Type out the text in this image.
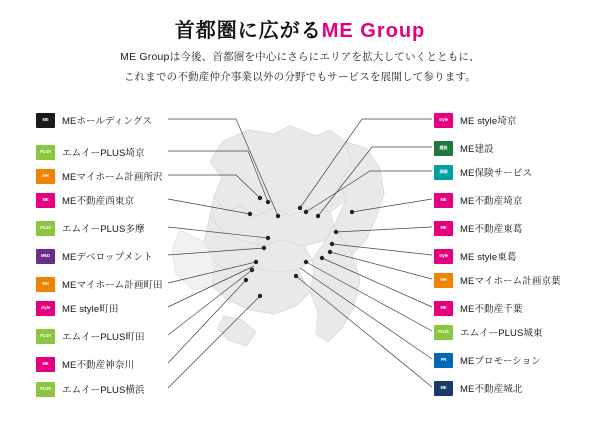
首都圏に広がるME Group
ME Groupは今後、首都圏を中心にさらにエリアを拡大していくとともに、
これまでの不動産仲介事業以外の分野でもサービスを展開して参ります。
ME	MEホールディングス
PLUS	エムイーPLUS埼京
MH	MEマイホーム計画所沢
ME	ME不動産西東京
PLUS	エムイーPLUS多摩
MED	MEデベロップメント
MH	MEマイホーム計画町田
style	ME style町田
PLUS	エムイーPLUS町田
ME	ME不動産神奈川
PLUS	エムイーPLUS横浜
style	ME style埼京
建設	ME建設
保険	ME保険サービス
ME	ME不動産埼京
ME	ME不動産東葛
style	ME style東葛
MH	MEマイホーム計画京葉
ME	ME不動産千葉
PLUS	エムイーPLUS城東
PR	MEプロモーション
ME	ME不動産城北
